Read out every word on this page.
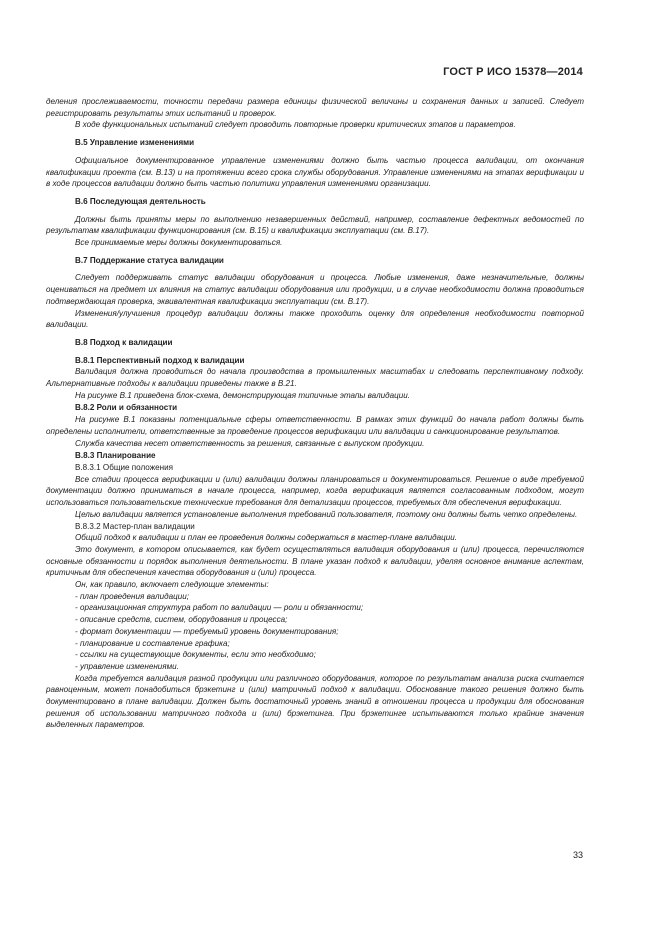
ГОСТ Р ИСО 15378—2014

деления прослеживаемости, точности передачи размера единицы физической величины и сохранения данных и записей. Следует регистрировать результаты этих испытаний и проверок.

В ходе функциональных испытаний следует проводить повторные проверки критических этапов и параметров.

В.5 Управление изменениями

Официальное документированное управление изменениями должно быть частью процесса валидации, от окончания квалификации проекта (см. В.13) и на протяжении всего срока службы оборудования. Управление изменениями на этапах верификации и в ходе процессов валидации должно быть частью политики управления изменениями организации.

В.6 Последующая деятельность

Должны быть приняты меры по выполнению незавершенных действий, например, составление дефектных ведомостей по результатам квалификации функционирования (см. В.15) и квалификации эксплуатации (см. В.17).

Все принимаемые меры должны документироваться.

В.7 Поддержание статуса валидации

Следует поддерживать статус валидации оборудования и процесса. Любые изменения, даже незначительные, должны оцениваться на предмет их влияния на статус валидации оборудования или продукции, и в случае необходимости должна проводиться подтверждающая проверка, эквивалентная квалификации эксплуатации (см. В.17).

Изменения/улучшения процедур валидации должны также проходить оценку для определения необходимости повторной валидации.

В.8 Подход к валидации

В.8.1 Перспективный подход к валидации

Валидация должна проводиться до начала производства в промышленных масштабах и следовать перспективному подходу. Альтернативные подходы к валидации приведены также в В.21.

На рисунке В.1 приведена блок-схема, демонстрирующая типичные этапы валидации.

В.8.2 Роли и обязанности

На рисунке В.1 показаны потенциальные сферы ответственности. В рамках этих функций до начала работ должны быть определены исполнители, ответственные за проведение процессов верификации или валидации и санкционирование результатов.

Служба качества несет ответственность за решения, связанные с выпуском продукции.

В.8.3 Планирование

В.8.3.1 Общие положения

Все стадии процесса верификации и (или) валидации должны планироваться и документироваться. Решение о виде требуемой документации должно приниматься в начале процесса, например, когда верификация является согласованным подходом, могут использоваться пользовательские технические требования для детализации процессов, требуемых для обеспечения верификации.

Целью валидации является установление выполнения требований пользователя, поэтому они должны быть четко определены.

В.8.3.2 Мастер-план валидации

Общий подход к валидации и план ее проведения должны содержаться в мастер-плане валидации.

Это документ, в котором описывается, как будет осуществляться валидация оборудования и (или) процесса, перечисляются основные обязанности и порядок выполнения деятельности. В плане указан подход к валидации, уделяя основное внимание аспектам, критичным для обеспечения качества оборудования и (или) процесса.

Он, как правило, включает следующие элементы:

- план проведения валидации;

- организационная структура работ по валидации — роли и обязанности;

- описание средств, систем, оборудования и процесса;

- формат документации — требуемый уровень документирования;

- планирование и составление графика;

- ссылки на существующие документы, если это необходимо;

- управление изменениями.

Когда требуется валидация разной продукции или различного оборудования, которое по результатам анализа риска считается равноценным, может понадобиться брэкетинг и (или) матричный подход к валидации. Обоснование такого решения должно быть документировано в плане валидации. Должен быть достаточный уровень знаний в отношении процесса и продукции для обоснования решения об использовании матричного подхода и (или) брэкетинга. При брэкетинге испытываются только крайние значения выделенных параметров.

33
